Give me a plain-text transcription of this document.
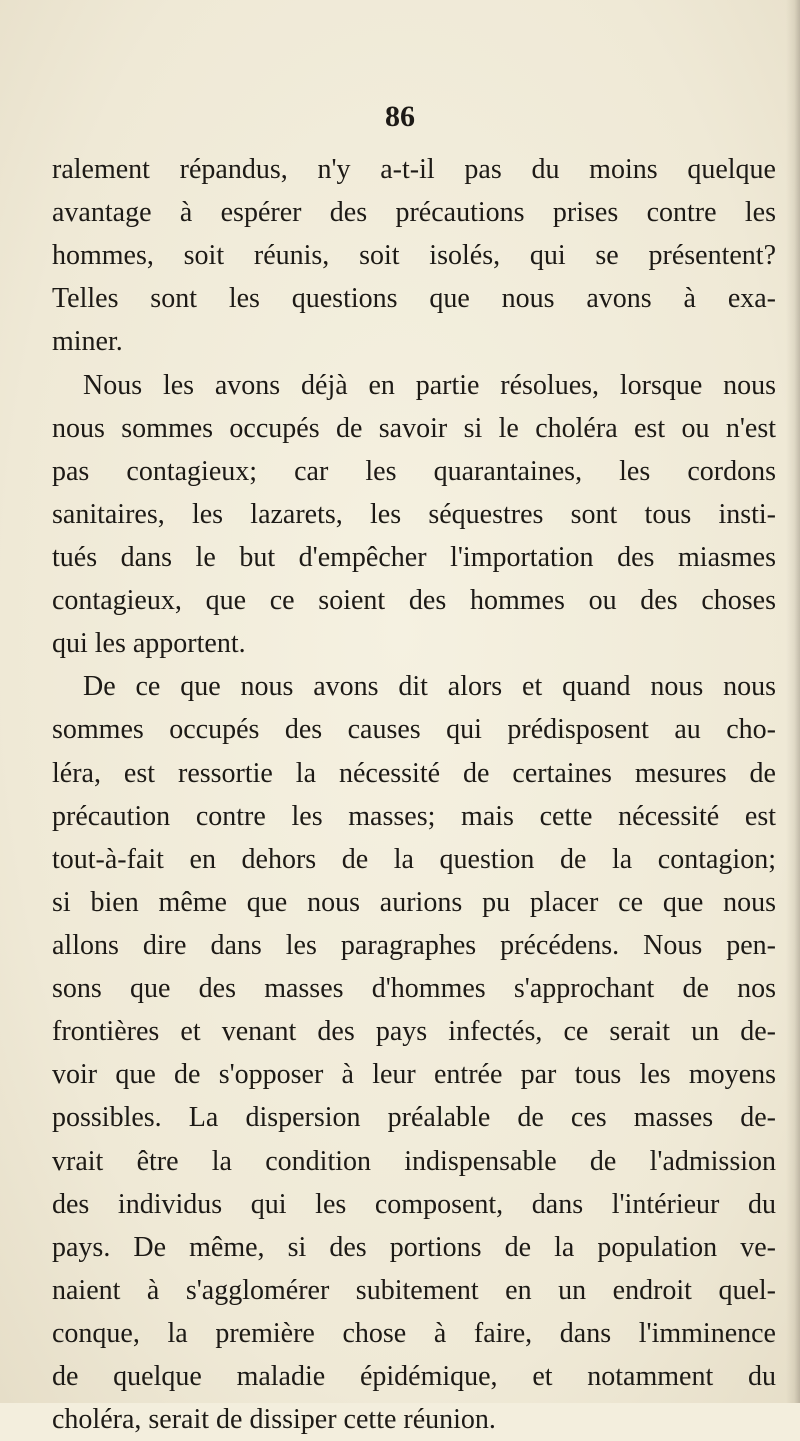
86
ralement répandus, n'y a-t-il pas du moins quelque
avantage à espérer des précautions prises contre les
hommes, soit réunis, soit isolés, qui se présentent?
Telles sont les questions que nous avons à exa-
miner.
Nous les avons déjà en partie résolues, lorsque nous
nous sommes occupés de savoir si le choléra est ou n'est
pas contagieux; car les quarantaines, les cordons
sanitaires, les lazarets, les séquestres sont tous insti-
tués dans le but d'empêcher l'importation des miasmes
contagieux, que ce soient des hommes ou des choses
qui les apportent.
De ce que nous avons dit alors et quand nous nous
sommes occupés des causes qui prédisposent au cho-
léra, est ressortie la nécessité de certaines mesures de
précaution contre les masses; mais cette nécessité est
tout-à-fait en dehors de la question de la contagion;
si bien même que nous aurions pu placer ce que nous
allons dire dans les paragraphes précédens. Nous pen-
sons que des masses d'hommes s'approchant de nos
frontières et venant des pays infectés, ce serait un de-
voir que de s'opposer à leur entrée par tous les moyens
possibles. La dispersion préalable de ces masses de-
vrait être la condition indispensable de l'admission
des individus qui les composent, dans l'intérieur du
pays. De même, si des portions de la population ve-
naient à s'agglomérer subitement en un endroit quel-
conque, la première chose à faire, dans l'imminence
de quelque maladie épidémique, et notamment du
choléra, serait de dissiper cette réunion.
